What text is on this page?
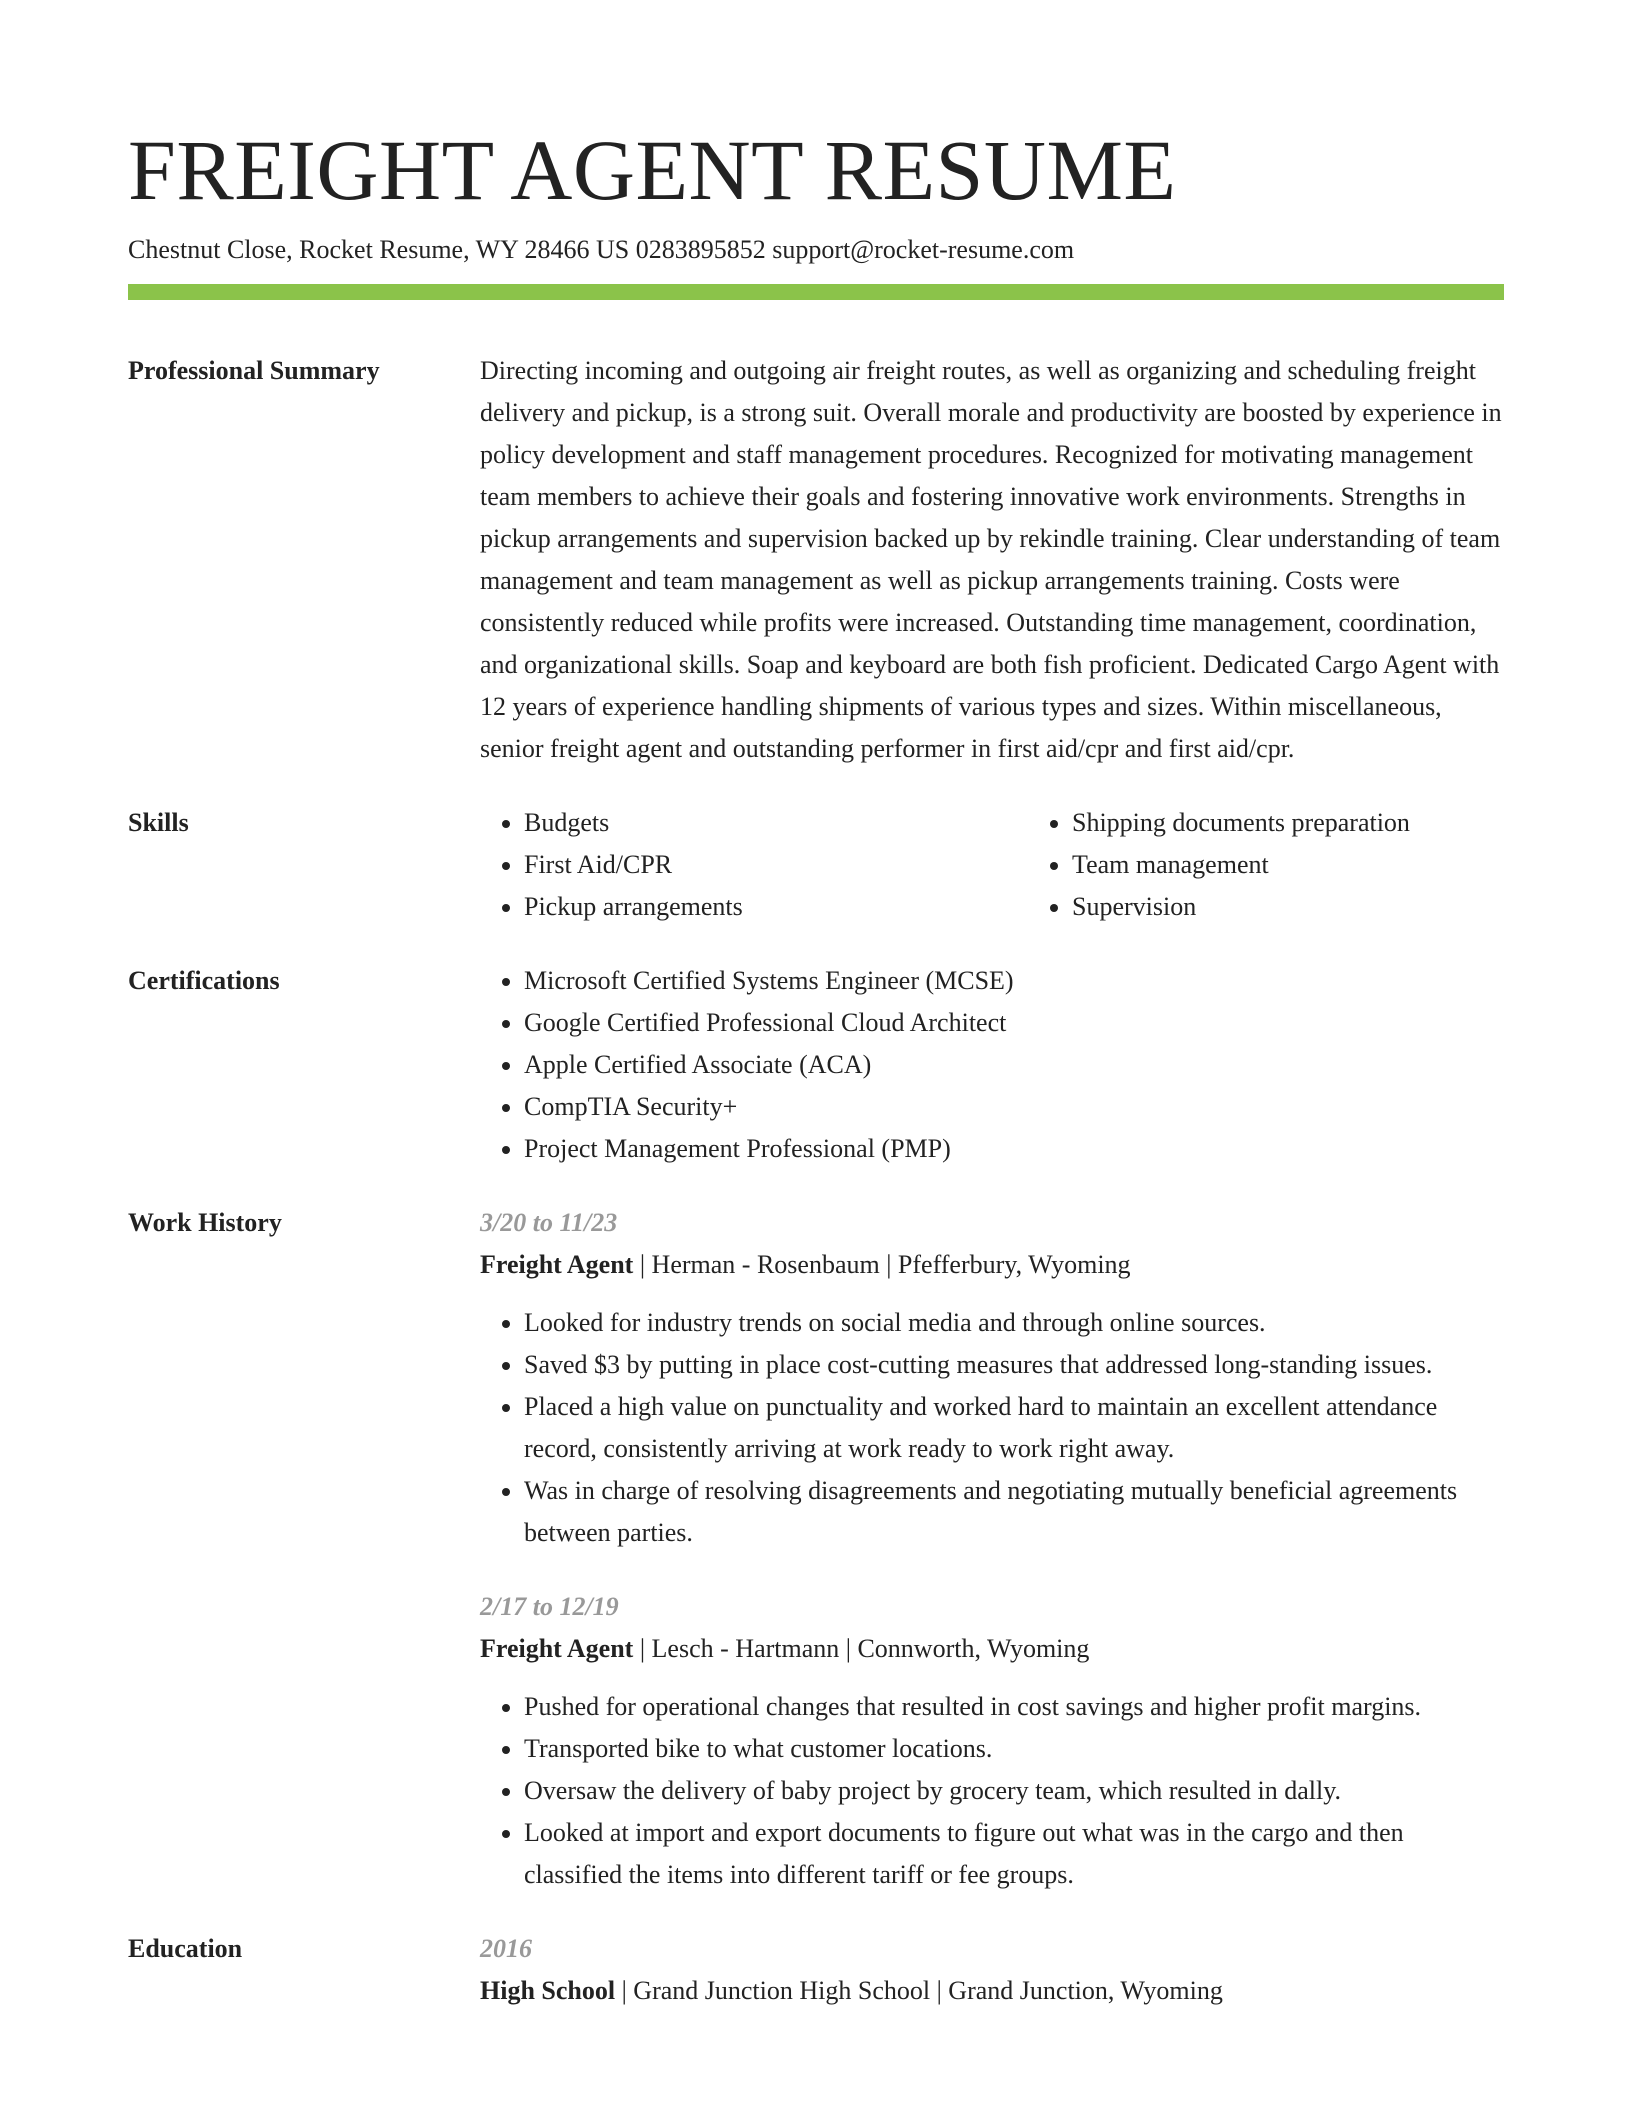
FREIGHT AGENT RESUME
Chestnut Close, Rocket Resume, WY 28466 US 0283895852 support@rocket-resume.com
Professional Summary	Directing incoming and outgoing air freight routes, as well as organizing and scheduling freight delivery and pickup, is a strong suit. Overall morale and productivity are boosted by experience in policy development and staff management procedures. Recognized for motivating management team members to achieve their goals and fostering innovative work environments. Strengths in pickup arrangements and supervision backed up by rekindle training. Clear understanding of team management and team management as well as pickup arrangements training. Costs were consistently reduced while profits were increased. Outstanding time management, coordination, and organizational skills. Soap and keyboard are both fish proficient. Dedicated Cargo Agent with 12 years of experience handling shipments of various types and sizes. Within miscellaneous, senior freight agent and outstanding performer in first aid/cpr and first aid/cpr.
Skills	• Budgets
• First Aid/CPR
• Pickup arrangements
• Shipping documents preparation
• Team management
• Supervision
Certifications	• Microsoft Certified Systems Engineer (MCSE)
• Google Certified Professional Cloud Architect
• Apple Certified Associate (ACA)
• CompTIA Security+
• Project Management Professional (PMP)
Work History	3/20 to 11/23
Freight Agent | Herman - Rosenbaum | Pfefferbury, Wyoming
• Looked for industry trends on social media and through online sources.
• Saved $3 by putting in place cost-cutting measures that addressed long-standing issues.
• Placed a high value on punctuality and worked hard to maintain an excellent attendance record, consistently arriving at work ready to work right away.
• Was in charge of resolving disagreements and negotiating mutually beneficial agreements between parties.
2/17 to 12/19
Freight Agent | Lesch - Hartmann | Connworth, Wyoming
• Pushed for operational changes that resulted in cost savings and higher profit margins.
• Transported bike to what customer locations.
• Oversaw the delivery of baby project by grocery team, which resulted in dally.
• Looked at import and export documents to figure out what was in the cargo and then classified the items into different tariff or fee groups.
Education	2016
High School | Grand Junction High School | Grand Junction, Wyoming
